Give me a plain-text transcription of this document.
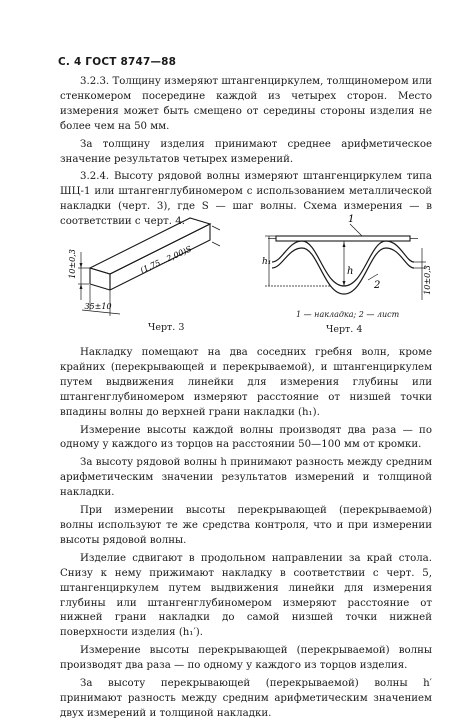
С. 4 ГОСТ 8747—88

3.2.3. Толщину измеряют штангенциркулем, толщиномером или стенкомером посередине каждой из четырех сторон. Место измерения может быть смещено от середины стороны изделия не более чем на 50 мм.

За толщину изделия принимают среднее арифметическое значение результатов четырех измерений.

3.2.4. Высоту рядовой волны измеряют штангенциркулем типа ШЦ-1 или штангенглубиномером с использованием металлической накладки (черт. 3), где S — шаг волны. Схема измерения — в соответствии с черт. 4.

10±0,3
35±10
(1,75...2,00)S
Черт. 3
1
2
h
h₁
10±0,3
1 — накладка; 2 — лист
Черт. 4

Накладку помещают на два соседних гребня волн, кроме крайних (перекрывающей и перекрываемой), и штангенциркулем путем выдвижения линейки для измерения глубины или штангенглубиномером измеряют расстояние от низшей точки впадины волны до верхней грани накладки (h₁).

Измерение высоты каждой волны производят два раза — по одному у каждого из торцов на расстоянии 50—100 мм от кромки.

За высоту рядовой волны h принимают разность между средним арифметическим значении результатов измерений и толщиной накладки.

При измерении высоты перекрывающей (перекрываемой) волны используют те же средства контроля, что и при измерении высоты рядовой волны.

Изделие сдвигают в продольном направлении за край стола. Снизу к нему прижимают накладку в соответствии с черт. 5, штангенциркулем путем выдвижения линейки для измерения глубины или штангенглубиномером измеряют расстояние от нижней грани накладки до самой низшей точки нижней поверхности изделия (h₁′).

Измерение высоты перекрывающей (перекрываемой) волны производят два раза — по одному у каждого из торцов изделия.

За высоту перекрывающей (перекрываемой) волны h′ принимают разность между средним арифметическим значением двух измерений и толщиной накладки.
